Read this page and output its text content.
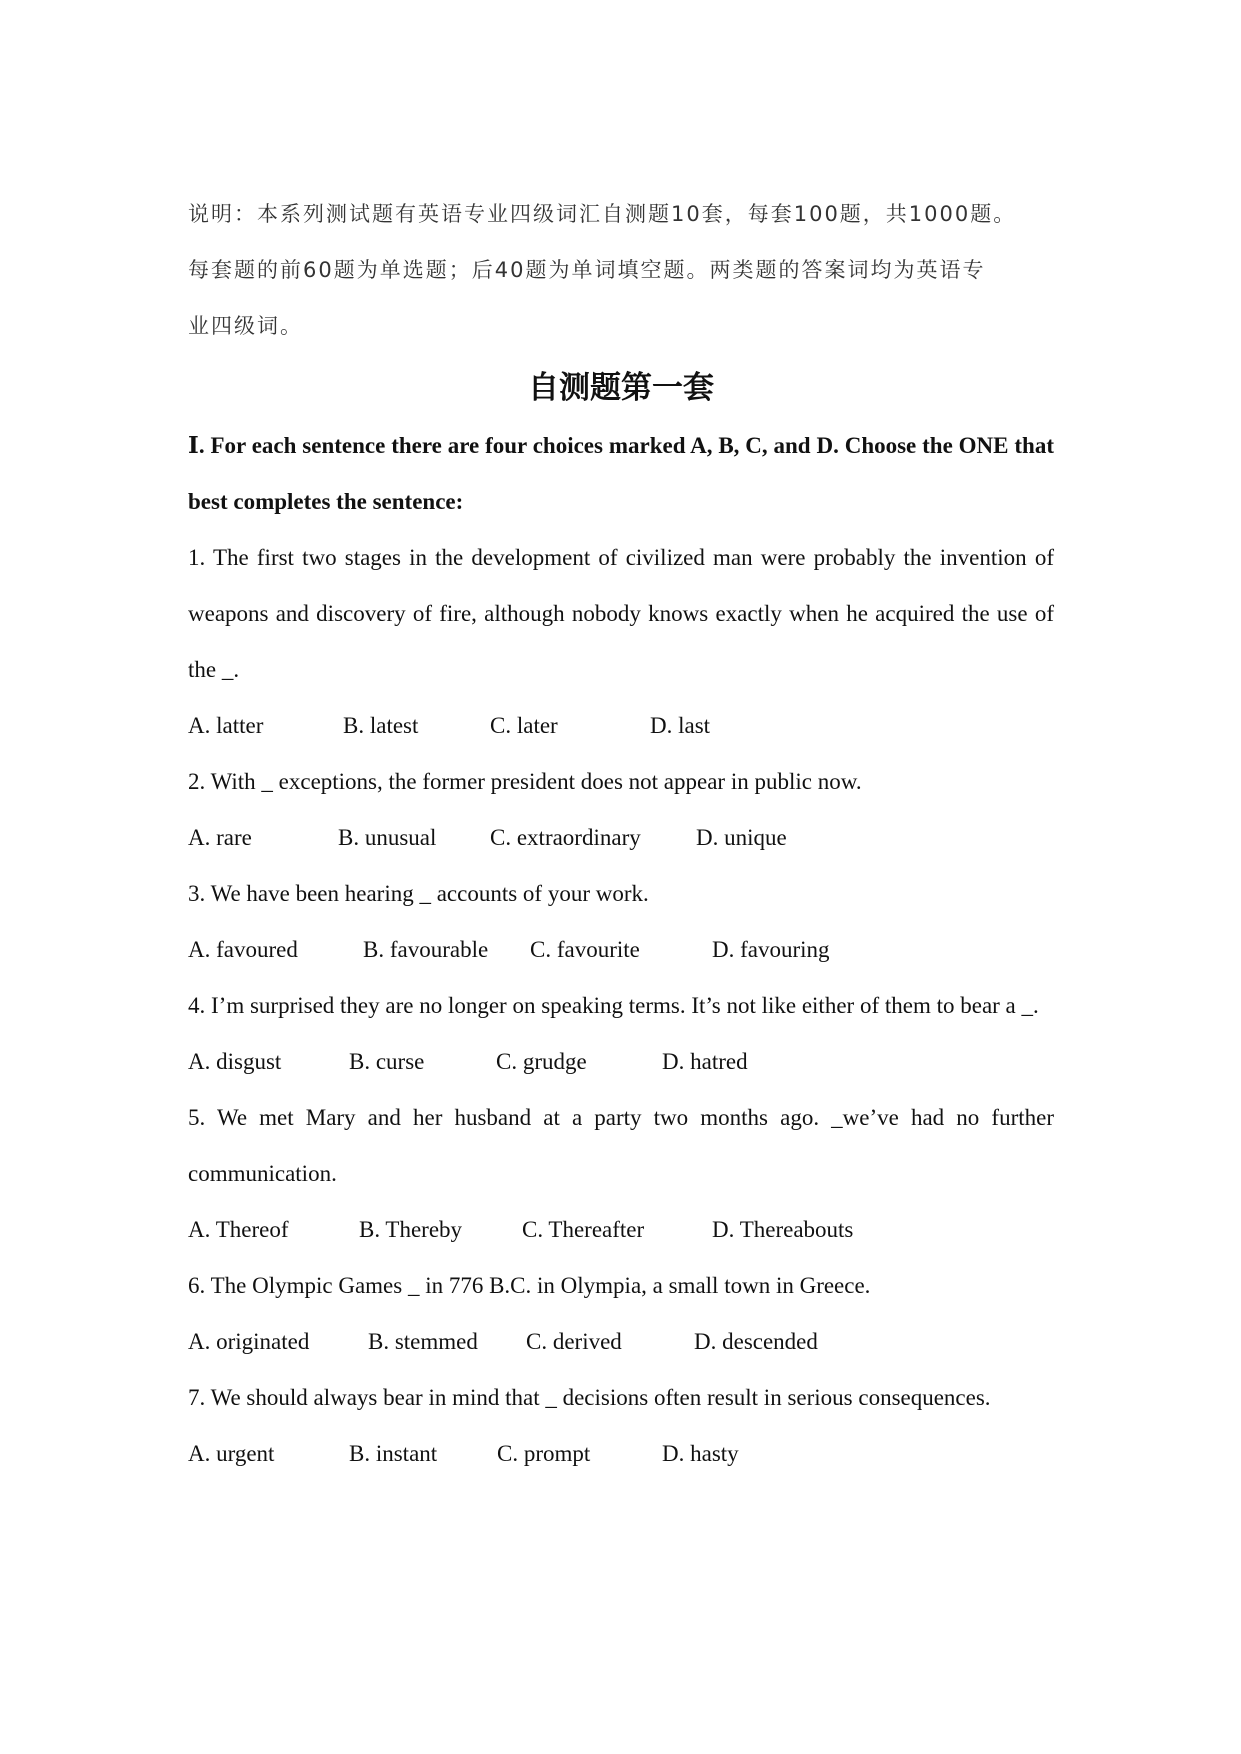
说明：本系列测试题有英语专业四级词汇自测题10套，每套100题，共1000题。
每套题的前60题为单选题；后40题为单词填空题。两类题的答案词均为英语专
业四级词。
自测题第一套
Ⅰ. For each sentence there are four choices marked A, B, C, and D. Choose the ONE that best completes the sentence:
1. The first two stages in the development of civilized man were probably the invention of weapons and discovery of fire, although nobody knows exactly when he acquired the use of the _.
A. latter	B. latest	C. later	D. last
2. With _ exceptions, the former president does not appear in public now.
A. rare	B. unusual C. extraordinary D. unique
3. We have been hearing _ accounts of your work.
A. favoured	B. favourable C. favourite	D. favouring
4. I’m surprised they are no longer on speaking terms. It’s not like either of them to bear a _.
A. disgust	B. curse	C. grudge	D. hatred
5. We met Mary and her husband at a party two months ago. _we’ve had no further communication.
A. Thereof	B. Thereby	C. Thereafter	D. Thereabouts
6. The Olympic Games _ in 776 B.C. in Olympia, a small town in Greece.
A. originated	B. stemmed C. derived	D. descended
7. We should always bear in mind that _ decisions often result in serious consequences.
A. urgent	B. instant	C. prompt	D. hasty
